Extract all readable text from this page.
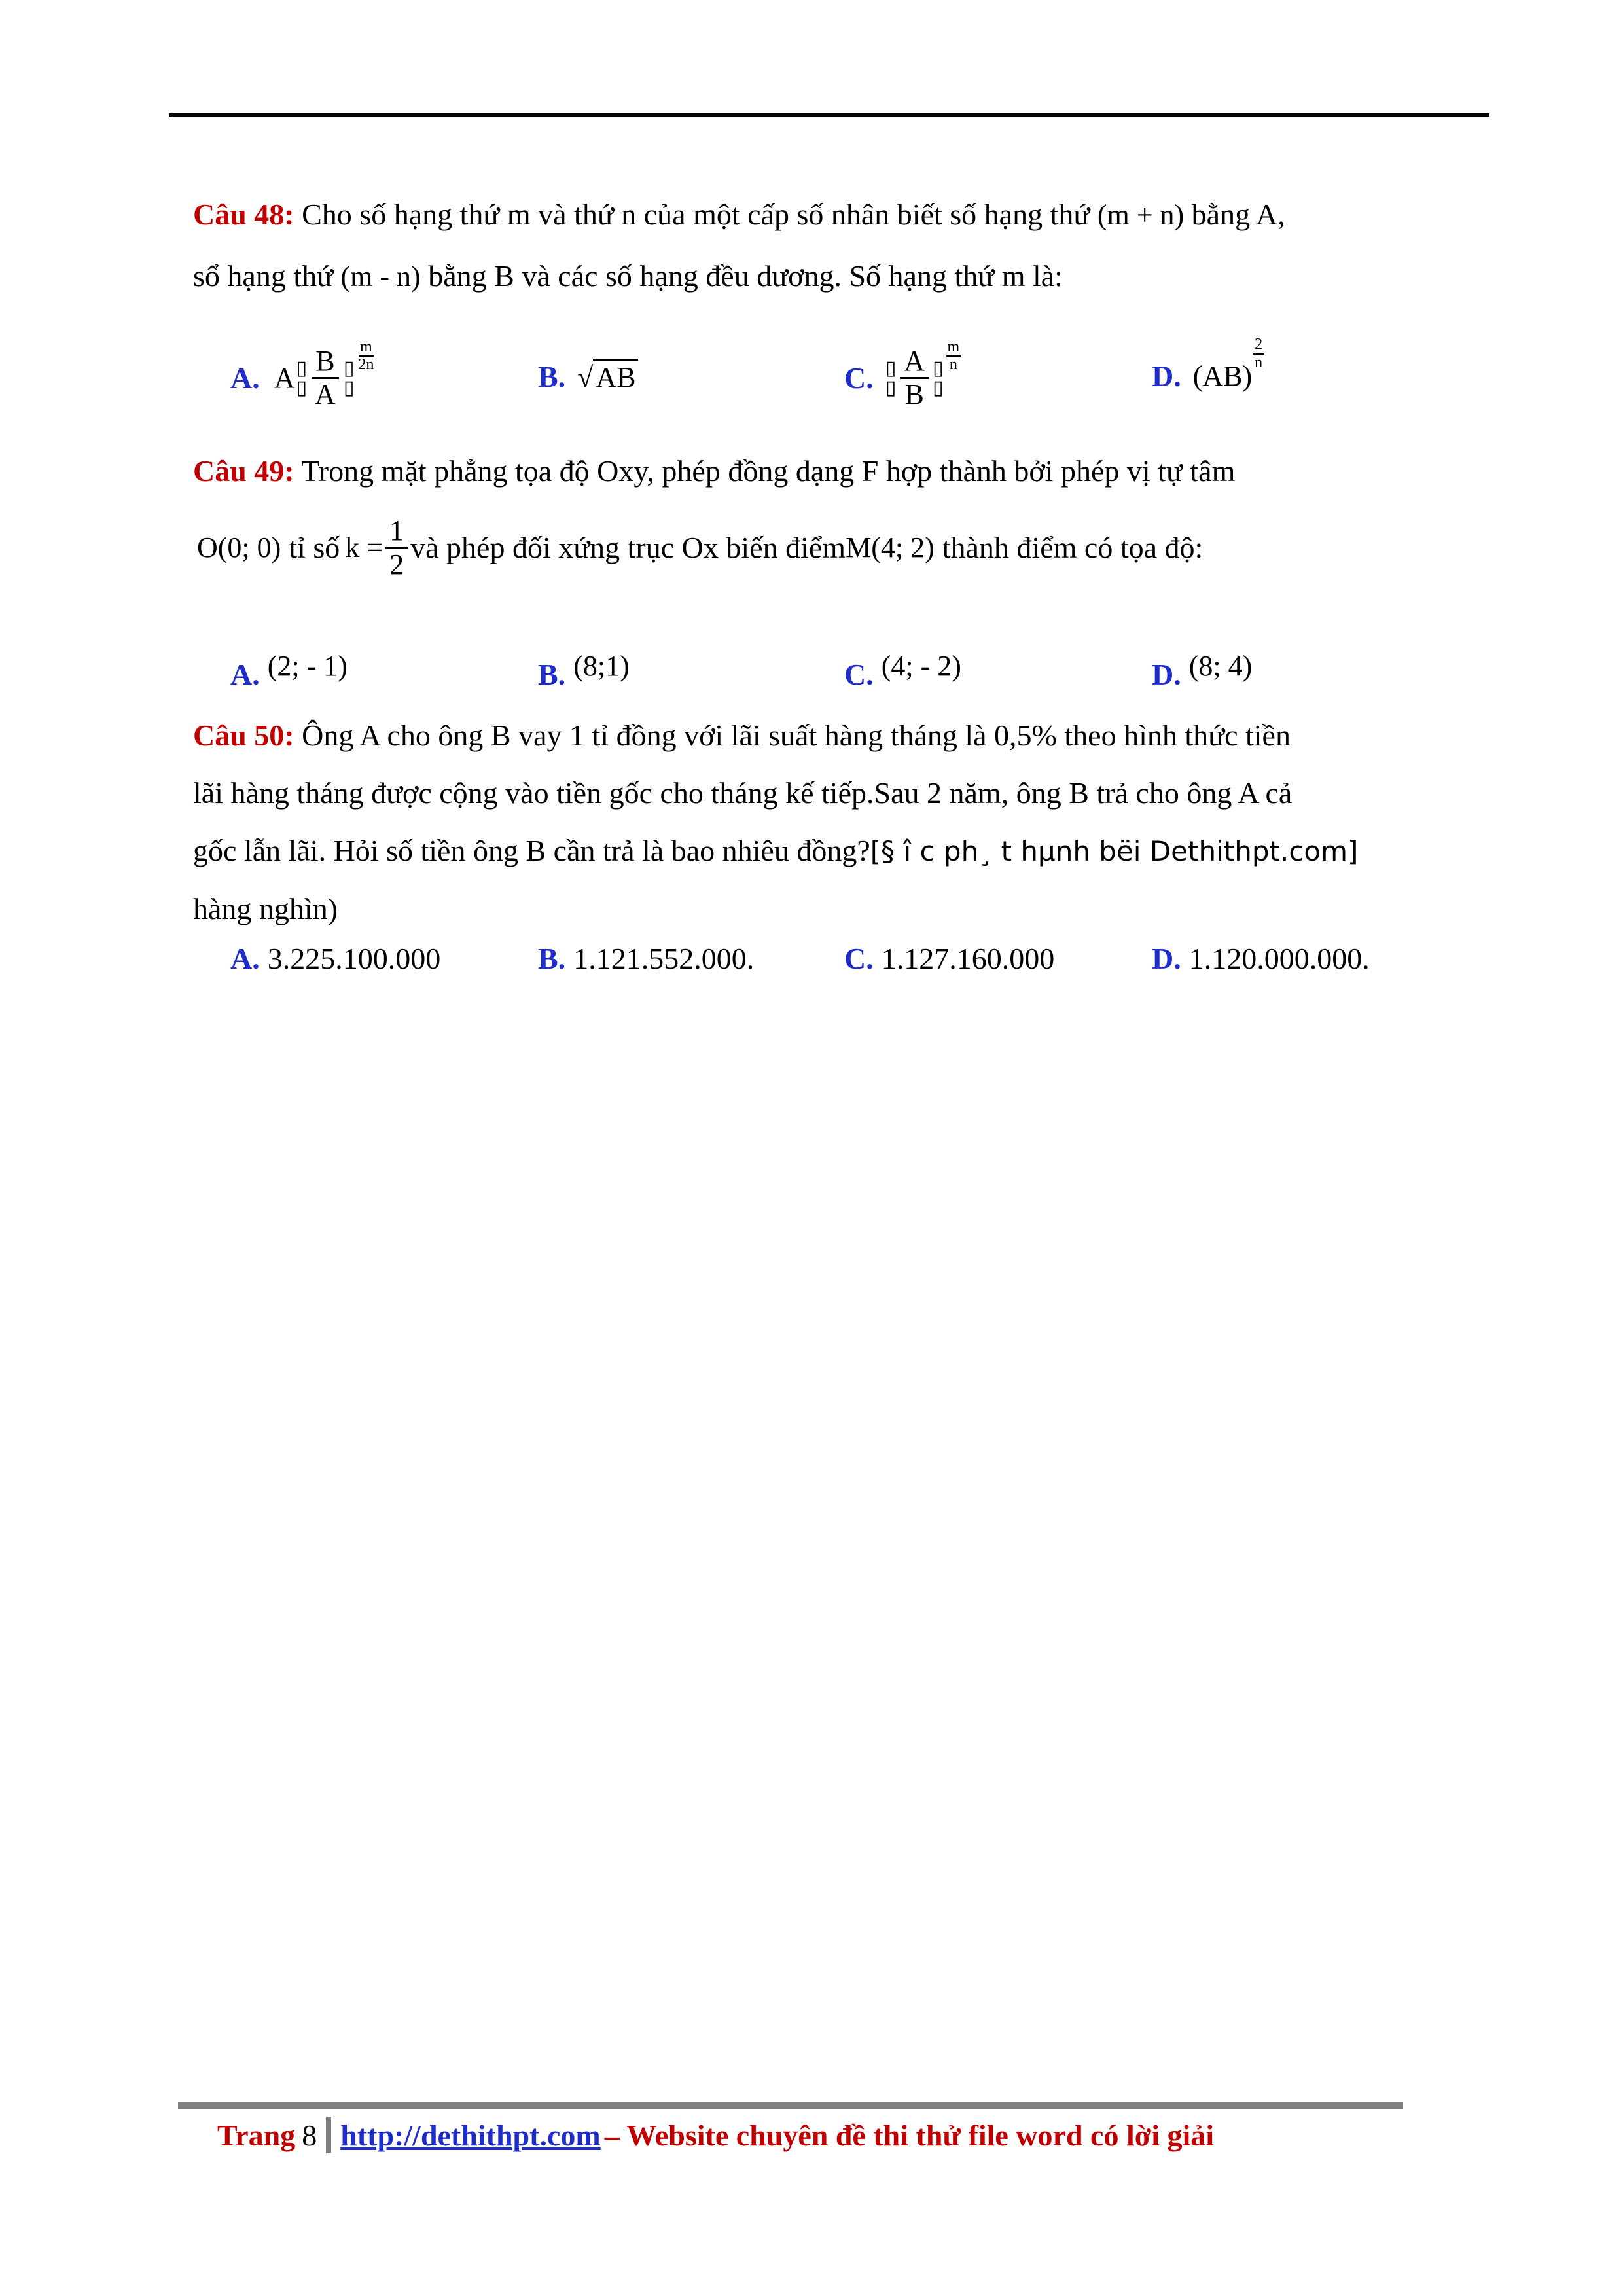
Câu 48: Cho số hạng thứ m và thứ n của một cấp số nhân biết số hạng thứ (m + n) bằng A,
sổ hạng thứ (m - n) bằng B và các số hạng đều dương. Số hạng thứ m là:
A. A ▯
▯ $\frac{B}{A}$ ▯
▯
$\frac{m}{2n}$
B. √ AB	C. ▯
▯ $\frac{A}{B}$ ▯
▯
$\frac{m}{n}$
D. (AB)
$\frac{2}{n}$
Câu 49: Trong mặt phẳng tọa độ Oxy, phép đồng dạng F hợp thành bởi phép vị tự tâm
O(0; 0) tỉ số $k = \frac{1}{2}$ và phép đối xứng trục Ox biến điểm M(4; 2) thành điểm có tọa độ:
A. (2; - 1)	B. (8;1)	C. (4; - 2)	D. (8; 4)
Câu 50: Ông A cho ông B vay 1 tỉ đồng với lãi suất hàng tháng là 0,5% theo hình thức tiền
lãi hàng tháng được cộng vào tiền gốc cho tháng kế tiếp.Sau 2 năm, ông B trả cho ông A cả
gốc lẫn lãi. Hỏi số tiền ông B cần trả là bao nhiêu đồng?[§ î c ph¸ t hµnh bëi Dethithpt.com]
hàng nghìn)
A. 3.225.100.000	B. 1.121.552.000.	C. 1.127.160.000	D. 1.120.000.000.
Trang 8 http://dethithpt.com – Website chuyên đề thi thử file word có lời giải
